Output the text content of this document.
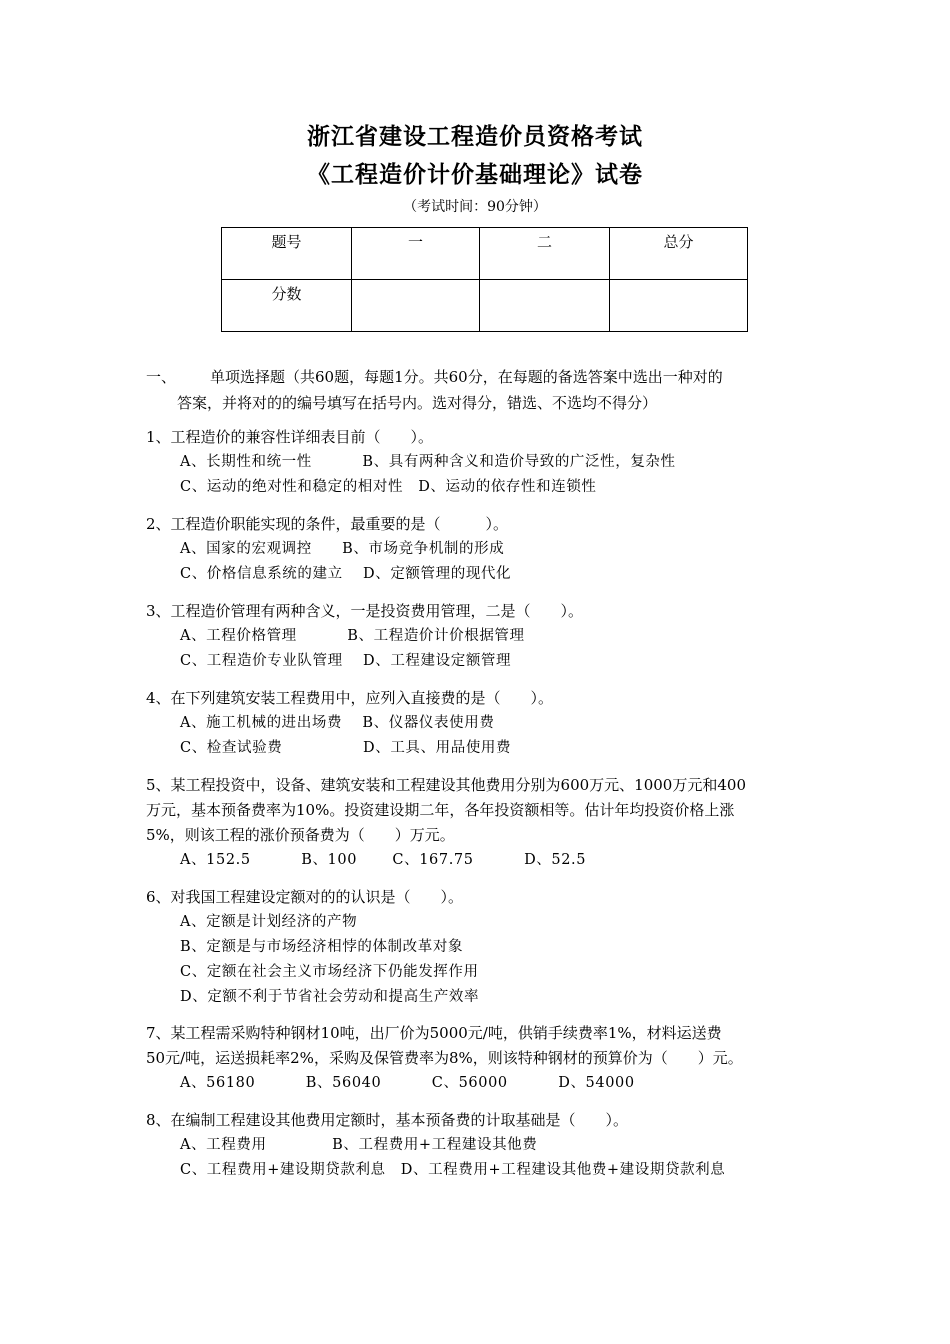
浙江省建设工程造价员资格考试
《工程造价计价基础理论》试卷
（考试时间：90分钟）
题号	一	二	总分
分数			
一、 单项选择题（共60题，每题1分。共60分，在每题的备选答案中选出一种对的
答案，并将对的的编号填写在括号内。选对得分，错选、不选均不得分）
1、工程造价的兼容性详细表目前（　　）。
A、长期性和统一性　　　 B、具有两种含义和造价导致的广泛性，复杂性
C、运动的绝对性和稳定的相对性　D、运动的依存性和连锁性
2、工程造价职能实现的条件，最重要的是（　　　）。
A、国家的宏观调控　　B、市场竞争机制的形成
C、价格信息系统的建立　 D、定额管理的现代化
3、工程造价管理有两种含义，一是投资费用管理，二是（　　）。
A、工程价格管理　　　 B、工程造价计价根据管理
C、工程造价专业队管理　 D、工程建设定额管理
4、在下列建筑安装工程费用中，应列入直接费的是（　　）。
A、施工机械的进出场费　 B、仪器仪表使用费
C、检查试验费　　　　　 D、工具、用品使用费
5、某工程投资中，设备、建筑安装和工程建设其他费用分别为600万元、1000万元和400
万元，基本预备费率为10%。投资建设期二年，各年投资额相等。估计年均投资价格上涨
5%，则该工程的涨价预备费为（　　）万元。
A、152.5　　　 B、100　　 C、167.75　　　 D、52.5
6、对我国工程建设定额对的的认识是（　　）。
A、定额是计划经济的产物
B、定额是与市场经济相悖的体制改革对象
C、定额在社会主义市场经济下仍能发挥作用
D、定额不利于节省社会劳动和提高生产效率
7、某工程需采购特种钢材10吨，出厂价为5000元/吨，供销手续费率1%，材料运送费
50元/吨，运送损耗率2%，采购及保管费率为8%，则该特种钢材的预算价为（　　）元。
A、56180　　　 B、56040　　　 C、56000　　　 D、54000
8、在编制工程建设其他费用定额时，基本预备费的计取基础是（　　）。
A、工程费用　　　　 B、工程费用+工程建设其他费
C、工程费用+建设期贷款利息　D、工程费用+工程建设其他费+建设期贷款利息
